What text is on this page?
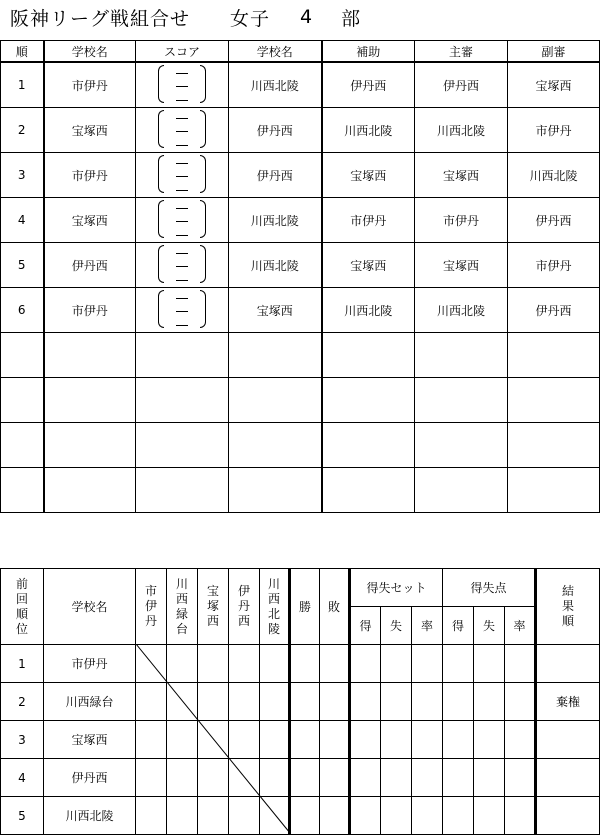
阪神リーグ戦組合せ 女子 4 部
順	学校名	スコア	学校名	補助	主審	副審
1	市伊丹		川西北陵	伊丹西	伊丹西	宝塚西
2	宝塚西		伊丹西	川西北陵	川西北陵	市伊丹
3	市伊丹		伊丹西	宝塚西	宝塚西	川西北陵
4	宝塚西		川西北陵	市伊丹	市伊丹	伊丹西
5	伊丹西		川西北陵	宝塚西	宝塚西	市伊丹
6	市伊丹		宝塚西	川西北陵	川西北陵	伊丹西

前回順位	学校名	市伊丹	川西緑台	宝塚西	伊丹西	川西北陵	勝	敗	得失セット			得失点			結果順
									得	失	率	得	失	率	
1	市伊丹														
2	川西緑台														棄権
3	宝塚西														
4	伊丹西														
5	川西北陵														
